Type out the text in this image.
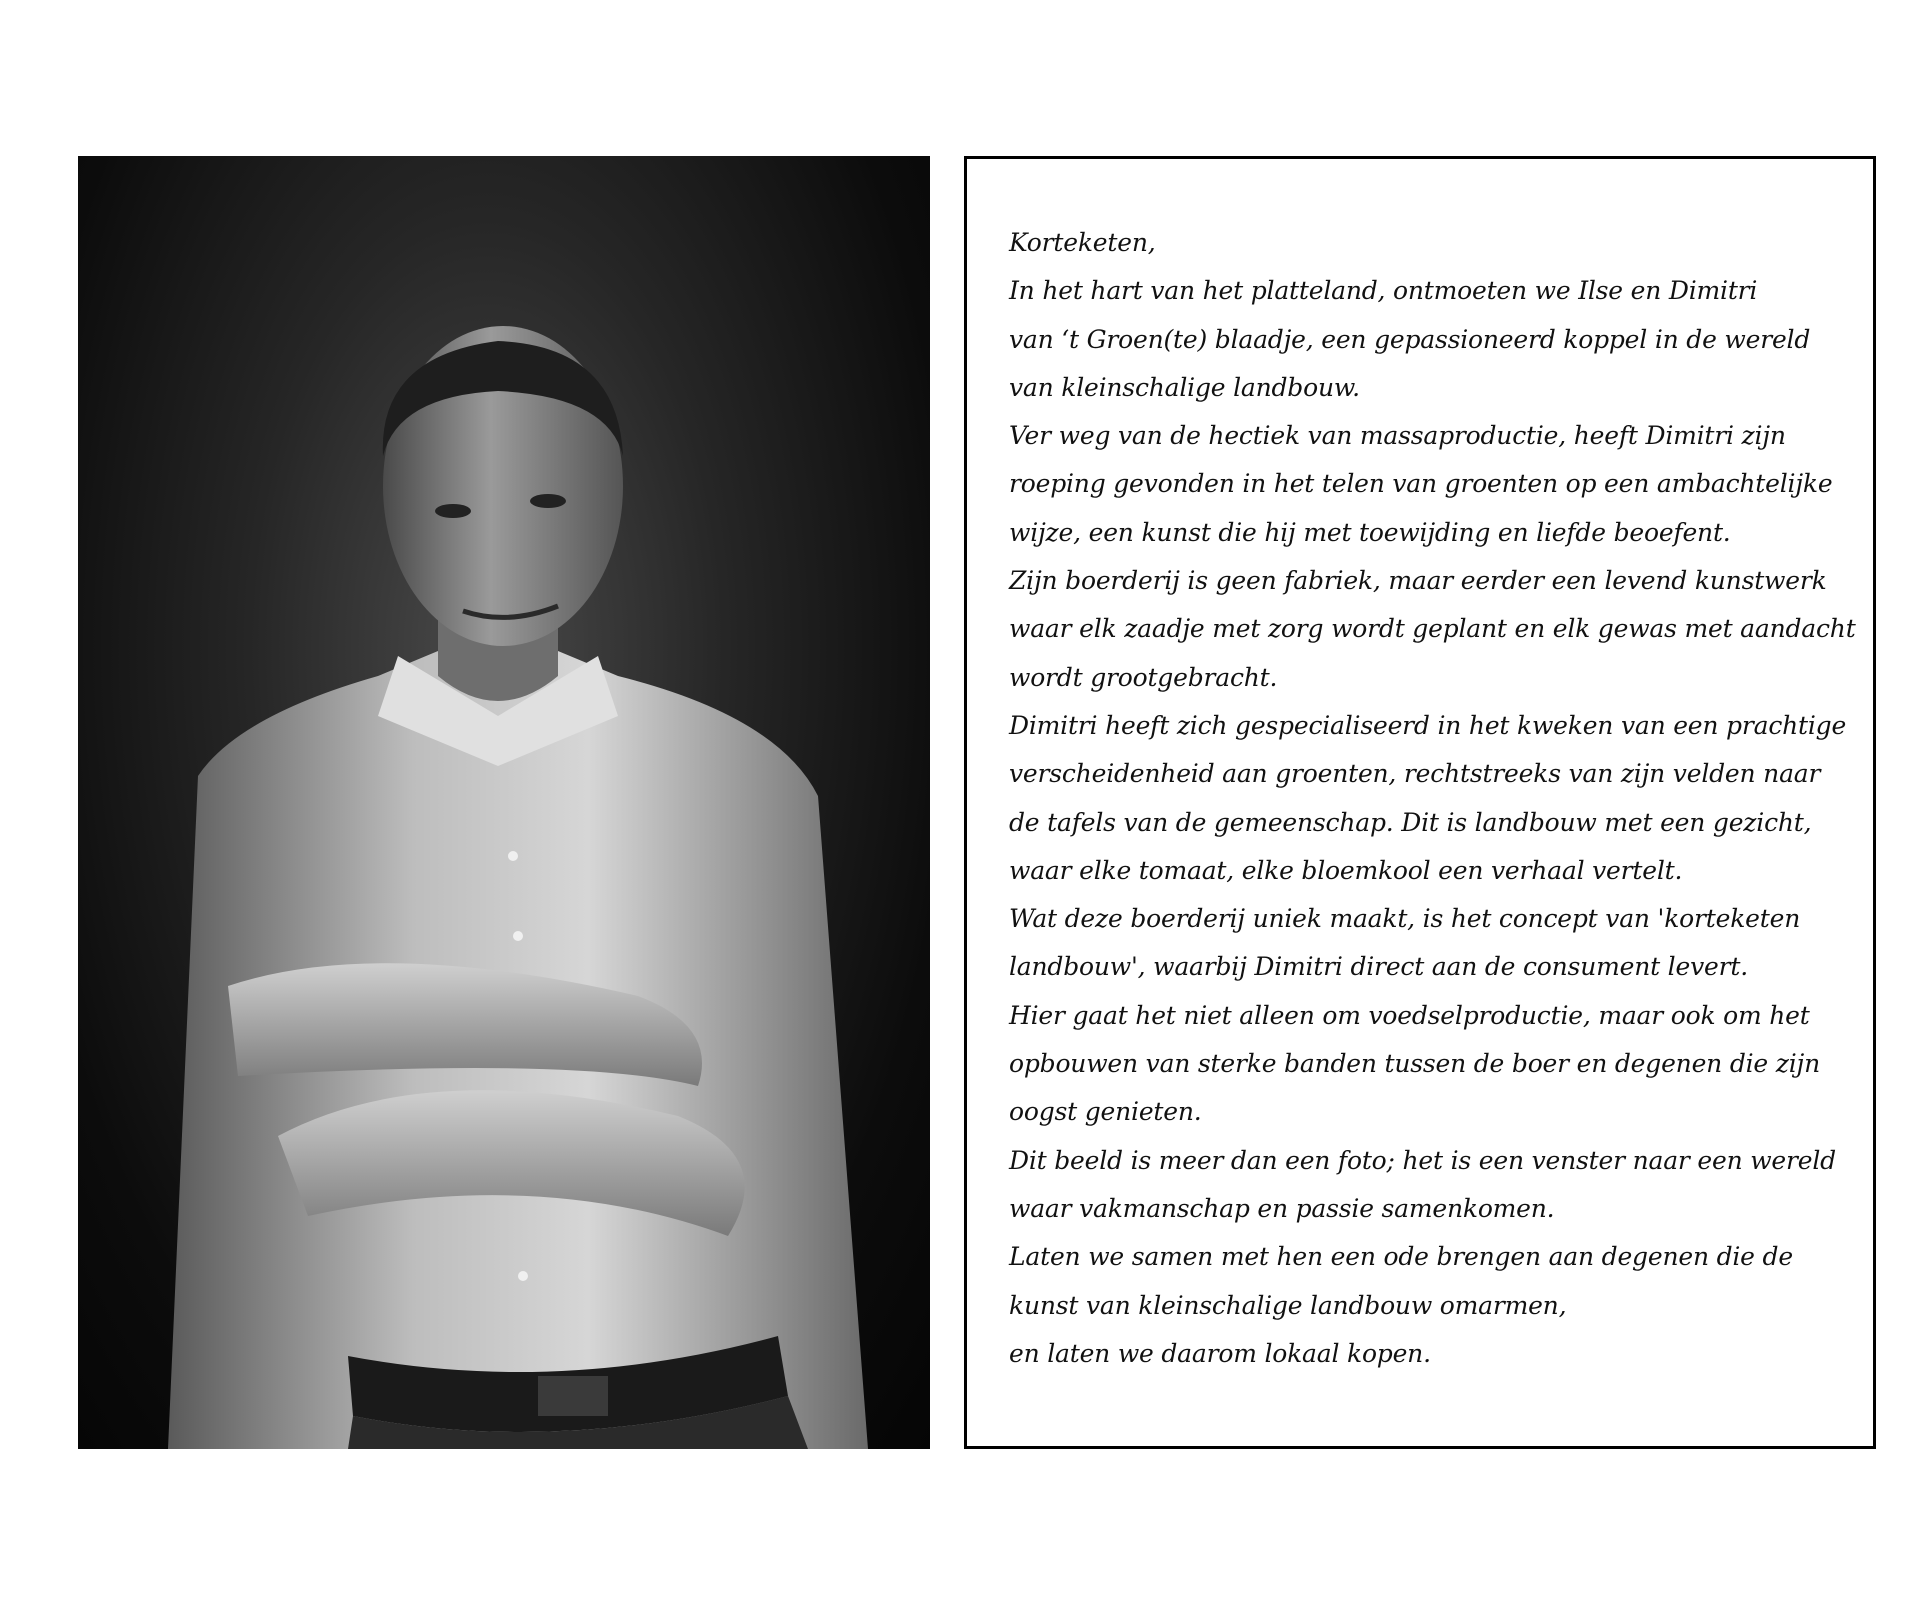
Korteketen,
In het hart van het platteland, ontmoeten we Ilse en Dimitri
van ‘t Groen(te) blaadje, een gepassioneerd koppel in de wereld
van kleinschalige landbouw.
Ver weg van de hectiek van massaproductie, heeft Dimitri zijn
roeping gevonden in het telen van groenten op een ambachtelijke
wijze, een kunst die hij met toewijding en liefde beoefent.
Zijn boerderij is geen fabriek, maar eerder een levend kunstwerk
waar elk zaadje met zorg wordt geplant en elk gewas met aandacht
wordt grootgebracht.
Dimitri heeft zich gespecialiseerd in het kweken van een prachtige
verscheidenheid aan groenten, rechtstreeks van zijn velden naar
de tafels van de gemeenschap. Dit is landbouw met een gezicht,
waar elke tomaat, elke bloemkool een verhaal vertelt.
Wat deze boerderij uniek maakt, is het concept van 'korteketen
landbouw', waarbij Dimitri direct aan de consument levert.
Hier gaat het niet alleen om voedselproductie, maar ook om het
opbouwen van sterke banden tussen de boer en degenen die zijn
oogst genieten.
Dit beeld is meer dan een foto; het is een venster naar een wereld
waar vakmanschap en passie samenkomen.
Laten we samen met hen een ode brengen aan degenen die de
kunst van kleinschalige landbouw omarmen,
en laten we daarom lokaal kopen.
